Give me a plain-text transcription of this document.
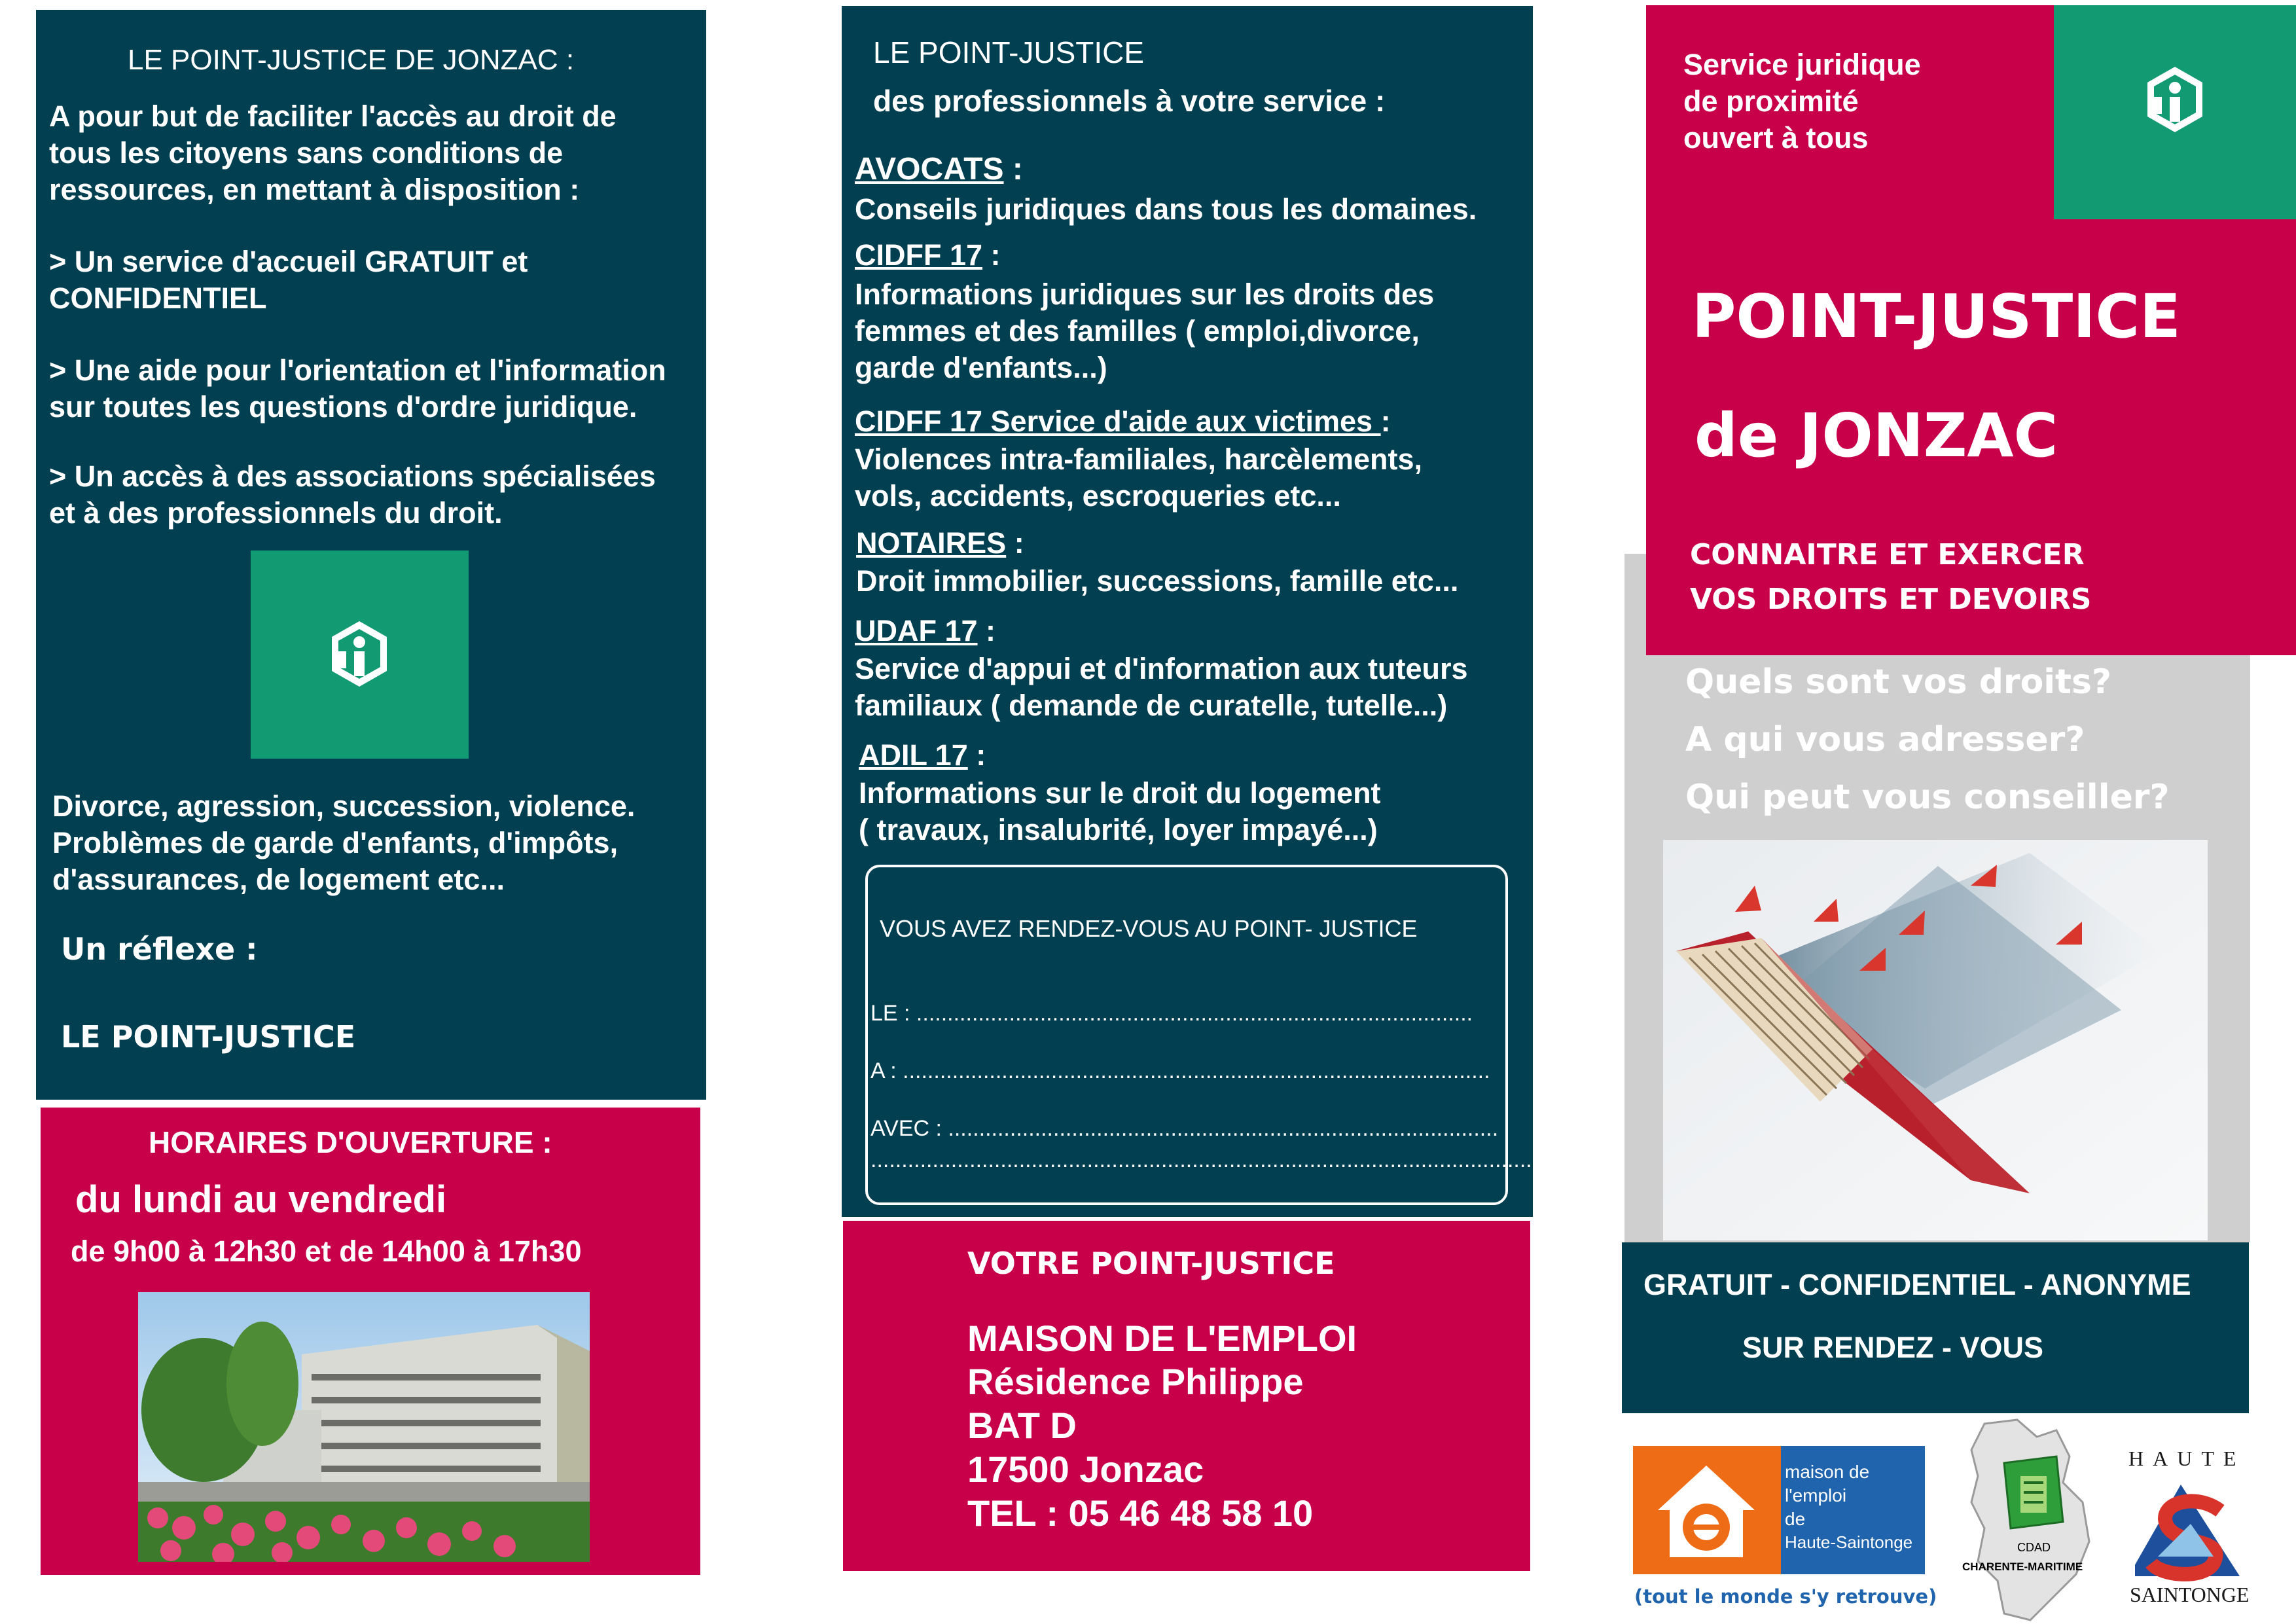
LE POINT-JUSTICE DE JONZAC :
A pour but de faciliter l'accès au droit de
tous les citoyens sans conditions de
ressources, en mettant à disposition :
> Un service d'accueil GRATUIT et
CONFIDENTIEL
> Une aide pour l'orientation et l'information
sur toutes les questions d'ordre juridique.
> Un accès à des associations spécialisées
et à des professionnels du droit.
Divorce, agression, succession, violence.
Problèmes de garde d'enfants, d'impôts,
d'assurances, de logement etc...
Un réflexe :
LE POINT-JUSTICE
HORAIRES D'OUVERTURE :
du lundi au vendredi
de 9h00 à 12h30 et de 14h00 à 17h30
LE POINT-JUSTICE
des professionnels à votre service :
AVOCATS :
Conseils juridiques dans tous les domaines.
CIDFF 17 :
Informations juridiques sur les droits des
femmes et des familles ( emploi,divorce,
garde d'enfants...)
CIDFF 17 Service d'aide aux victimes :
Violences intra-familiales, harcèlements,
vols, accidents, escroqueries etc...
NOTAIRES :
Droit immobilier, successions, famille etc...
UDAF 17 :
Service d'appui et d'information aux tuteurs
familiaux ( demande de curatelle, tutelle...)
ADIL 17 :
Informations sur le droit du logement
( travaux, insalubrité, loyer impayé...)
VOUS AVEZ RENDEZ-VOUS AU POINT- JUSTICE
LE : ..........................................................................................
A : ...............................................................................................
AVEC : .........................................................................................
................................................................................................................
VOTRE POINT-JUSTICE
MAISON DE L'EMPLOI
Résidence Philippe
BAT D
17500 Jonzac
TEL : 05 46 48 58 10
Service juridique
de proximité
ouvert à tous
POINT-JUSTICE
de JONZAC
CONNAITRE ET EXERCER
VOS DROITS ET DEVOIRS
Quels sont vos droits?
A qui vous adresser?
Qui peut vous conseiller?
GRATUIT - CONFIDENTIEL - ANONYME
SUR RENDEZ - VOUS
maison de
l'emploi
de
Haute-Saintonge
(tout le monde s'y retrouve)
CDAD
CHARENTE-MARITIME
HAUTE
SAINTONGE
